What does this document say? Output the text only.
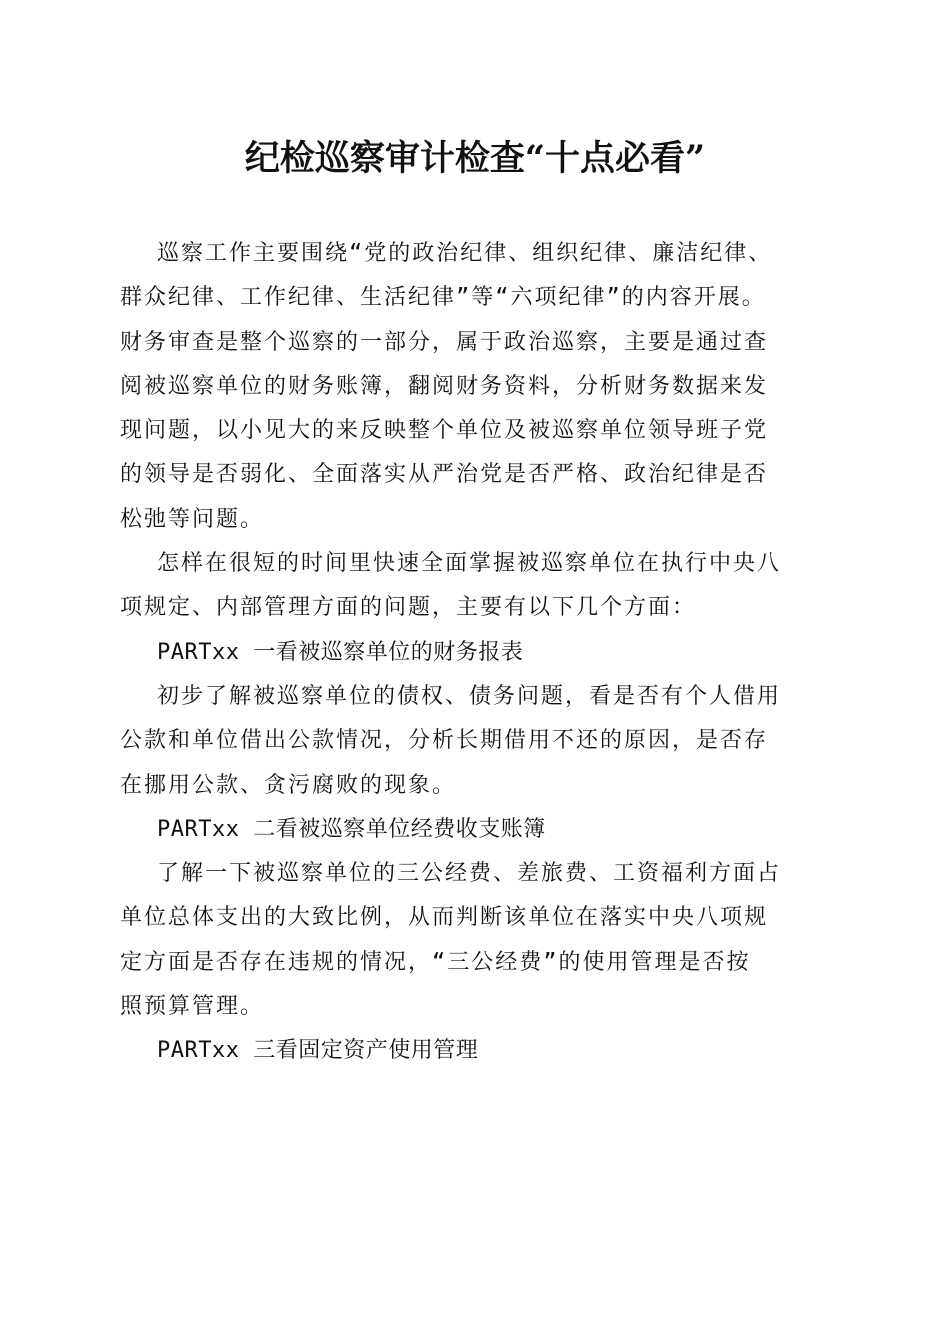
纪检巡察审计检查“十点必看”

巡察工作主要围绕“党的政治纪律、组织纪律、廉洁纪律、
群众纪律、工作纪律、生活纪律”等“六项纪律”的内容开展。
财务审查是整个巡察的一部分，属于政治巡察，主要是通过查
阅被巡察单位的财务账簿，翻阅财务资料，分析财务数据来发
现问题，以小见大的来反映整个单位及被巡察单位领导班子党
的领导是否弱化、全面落实从严治党是否严格、政治纪律是否
松弛等问题。

怎样在很短的时间里快速全面掌握被巡察单位在执行中央八
项规定、内部管理方面的问题，主要有以下几个方面：

PARTxx 一看被巡察单位的财务报表

初步了解被巡察单位的债权、债务问题，看是否有个人借用
公款和单位借出公款情况，分析长期借用不还的原因，是否存
在挪用公款、贪污腐败的现象。

PARTxx 二看被巡察单位经费收支账簿

了解一下被巡察单位的三公经费、差旅费、工资福利方面占
单位总体支出的大致比例，从而判断该单位在落实中央八项规
定方面是否存在违规的情况，“三公经费”的使用管理是否按
照预算管理。

PARTxx 三看固定资产使用管理
